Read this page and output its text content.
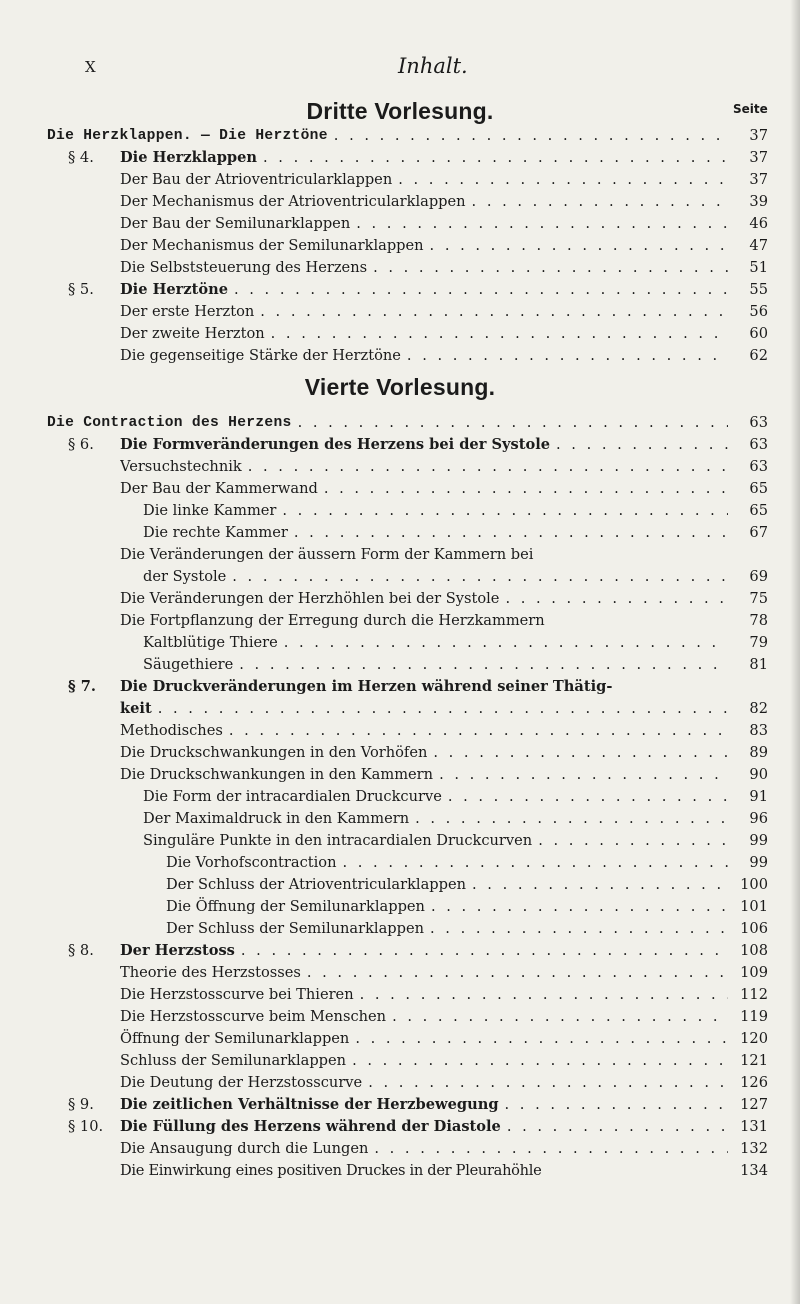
X	Inhalt.
Dritte Vorlesung.	Seite
Die Herzklappen. — Die Herztöne . . .	37
§ 4. Die Herzklappen . . .	37
Der Bau der Atrioventricularklappen . . .	37
Der Mechanismus der Atrioventricularklappen . . .	39
Der Bau der Semilunarklappen . . .	46
Der Mechanismus der Semilunarklappen . . .	47
Die Selbststeuerung des Herzens . . .	51
§ 5. Die Herztöne . . .	55
Der erste Herzton . . .	56
Der zweite Herzton . . .	60
Die gegenseitige Stärke der Herztöne . . .	62
Vierte Vorlesung.
Die Contraction des Herzens . . .	63
§ 6. Die Formveränderungen des Herzens bei der Systole . . .	63
Versuchstechnik . . .	63
Der Bau der Kammerwand . . .	65
Die linke Kammer . . .	65
Die rechte Kammer . . .	67
Die Veränderungen der äussern Form der Kammern bei
der Systole . . .	69
Die Veränderungen der Herzhöhlen bei der Systole . . .	75
Die Fortpflanzung der Erregung durch die Herzkammern	78
Kaltblütige Thiere . . .	79
Säugethiere . . .	81
§ 7. Die Druckveränderungen im Herzen während seiner Thätig-
keit . . .	82
Methodisches . . .	83
Die Druckschwankungen in den Vorhöfen . . .	89
Die Druckschwankungen in den Kammern . . .	90
Die Form der intracardialen Druckcurve . . .	91
Der Maximaldruck in den Kammern . . .	96
Singuläre Punkte in den intracardialen Druckcurven . . .	99
Die Vorhofscontraction . . .	99
Der Schluss der Atrioventricularklappen . . .	100
Die Öffnung der Semilunarklappen . . .	101
Der Schluss der Semilunarklappen . . .	106
§ 8. Der Herzstoss . . .	108
Theorie des Herzstosses . . .	109
Die Herzstosscurve bei Thieren . . .	112
Die Herzstosscurve beim Menschen . . .	119
Öffnung der Semilunarklappen . . .	120
Schluss der Semilunarklappen . . .	121
Die Deutung der Herzstosscurve . . .	126
§ 9. Die zeitlichen Verhältnisse der Herzbewegung . . .	127
§ 10. Die Füllung des Herzens während der Diastole . . .	131
Die Ansaugung durch die Lungen . . .	132
Die Einwirkung eines positiven Druckes in der Pleurahöhle	134
